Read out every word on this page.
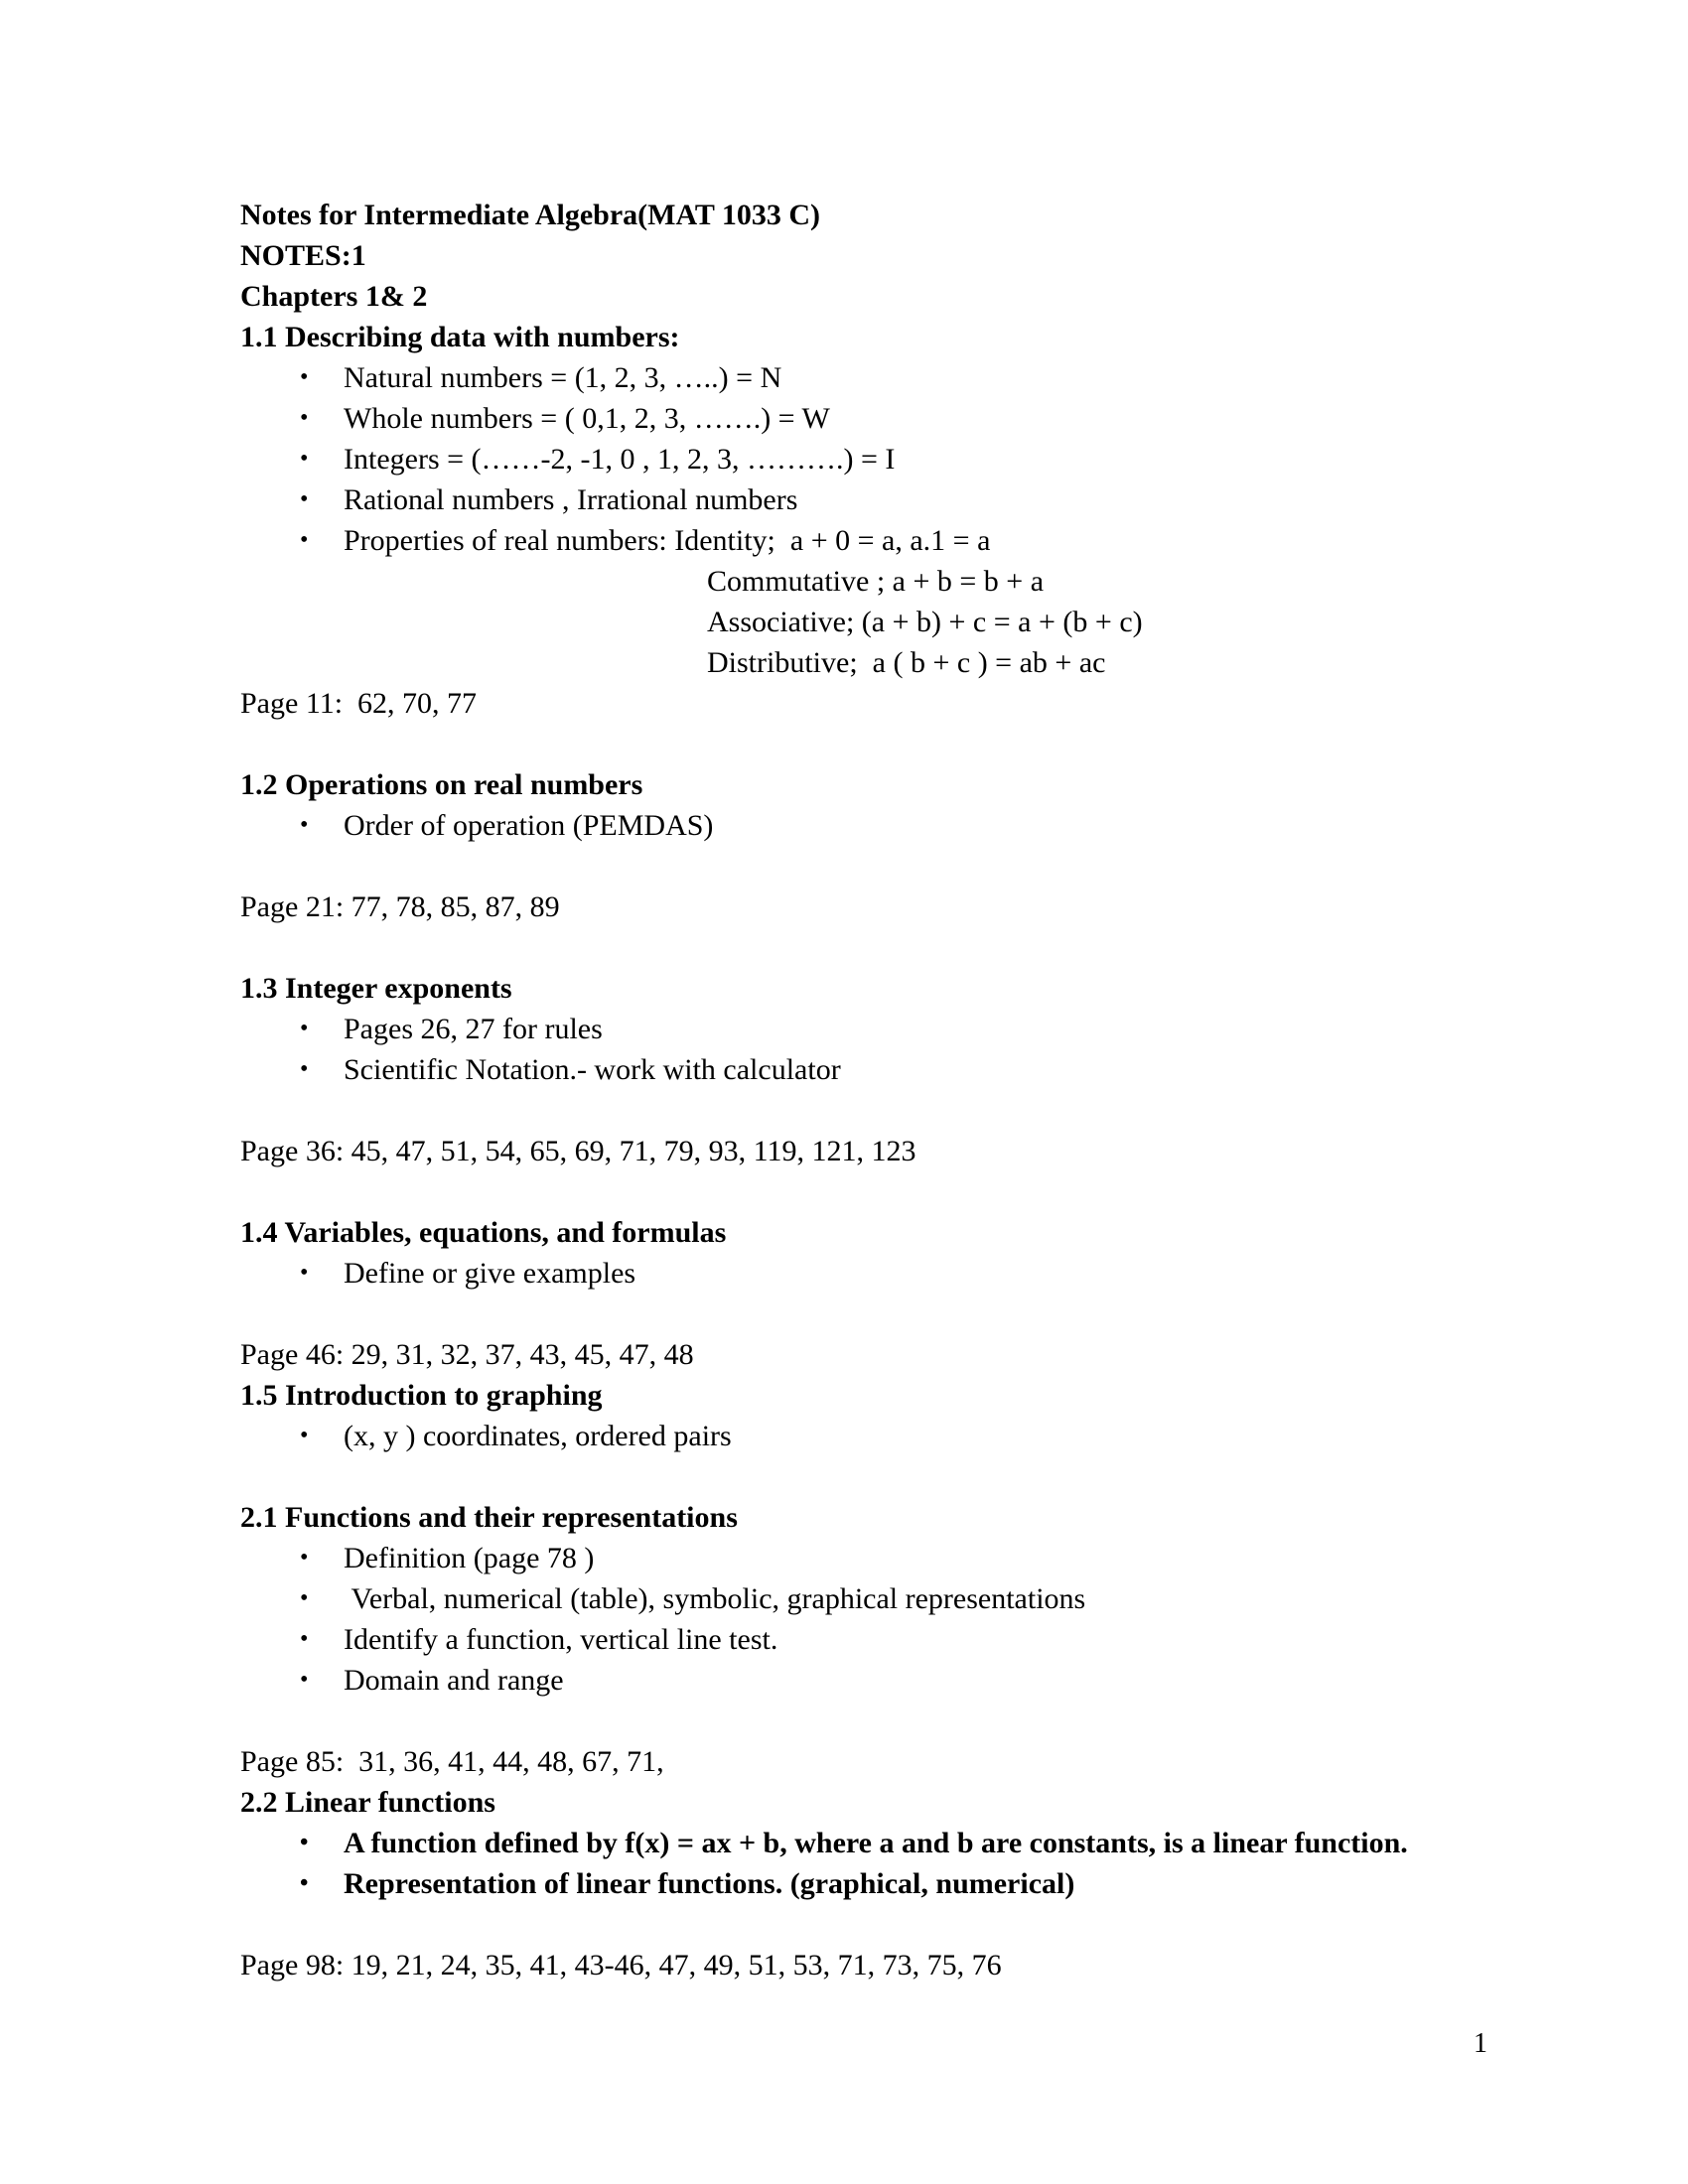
Notes for Intermediate Algebra(MAT 1033 C)
NOTES:1
Chapters 1& 2
1.1 Describing data with numbers:
• Natural numbers = (1, 2, 3, …..) = N
• Whole numbers = ( 0,1, 2, 3, …….) = W
• Integers = (……-2, -1, 0 , 1, 2, 3, ……….) = I
• Rational numbers , Irrational numbers
• Properties of real numbers: Identity;  a + 0 = a, a.1 = a
Commutative ; a + b = b + a
Associative; (a + b) + c = a + (b + c)
Distributive;  a ( b + c ) = ab + ac
Page 11:  62, 70, 77
1.2 Operations on real numbers
• Order of operation (PEMDAS)
Page 21: 77, 78, 85, 87, 89
1.3 Integer exponents
• Pages 26, 27 for rules
• Scientific Notation.- work with calculator
Page 36: 45, 47, 51, 54, 65, 69, 71, 79, 93, 119, 121, 123
1.4 Variables, equations, and formulas
• Define or give examples
Page 46: 29, 31, 32, 37, 43, 45, 47, 48
1.5 Introduction to graphing
• (x, y ) coordinates, ordered pairs
2.1 Functions and their representations
• Definition (page 78 )
• Verbal, numerical (table), symbolic, graphical representations
• Identify a function, vertical line test.
• Domain and range
Page 85:  31, 36, 41, 44, 48, 67, 71,
2.2 Linear functions
• A function defined by f(x) = ax + b, where a and b are constants, is a linear function.
• Representation of linear functions. (graphical, numerical)
Page 98: 19, 21, 24, 35, 41, 43-46, 47, 49, 51, 53, 71, 73, 75, 76
1
